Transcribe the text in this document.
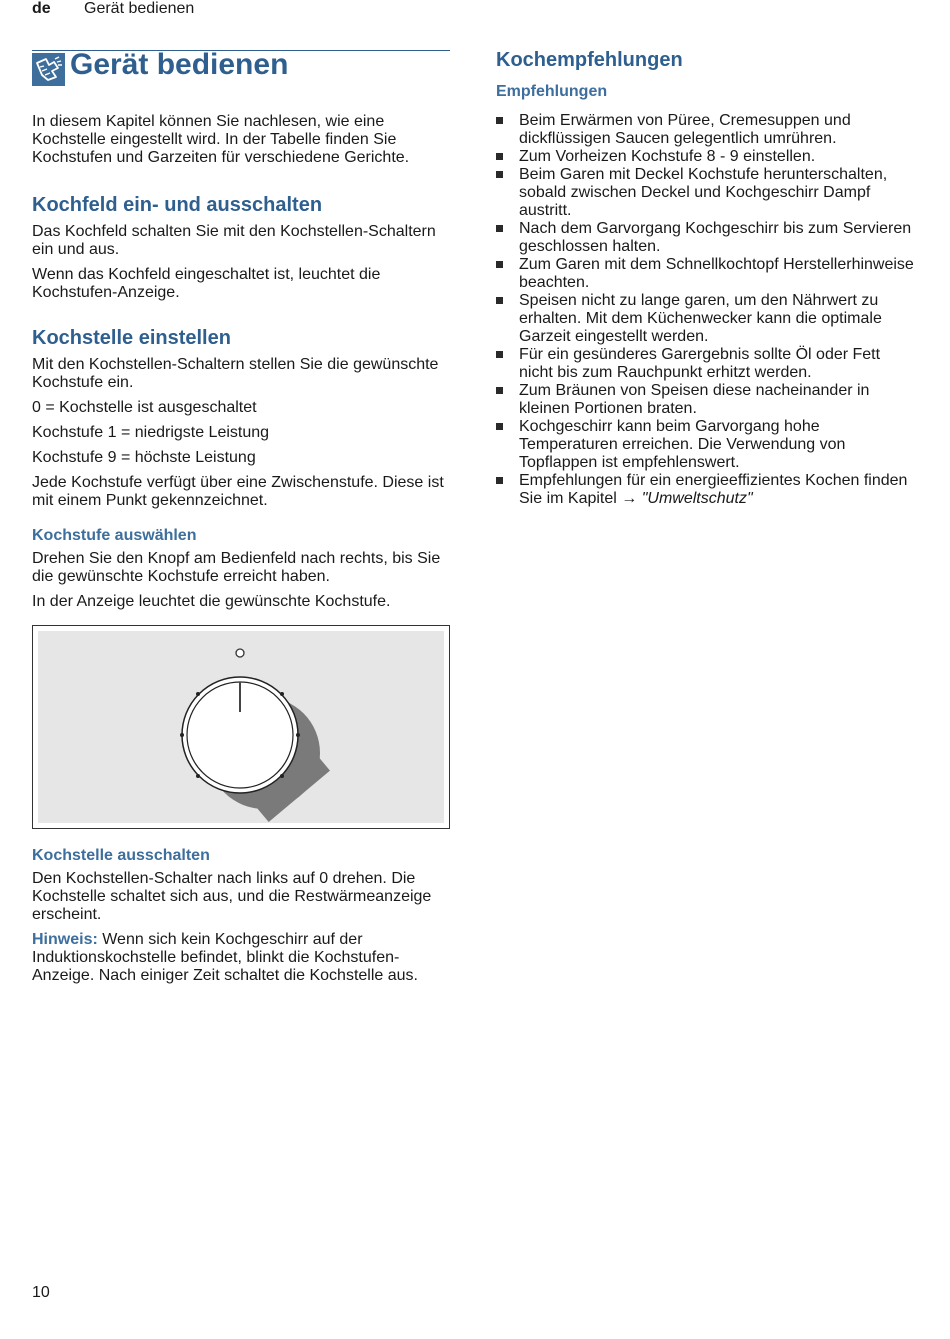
de Gerät bedienen
Gerät bedienen

In diesem Kapitel können Sie nachlesen, wie eine Kochstelle eingestellt wird. In der Tabelle finden Sie Kochstufen und Garzeiten für verschiedene Gerichte.

Kochfeld ein- und ausschalten

Das Kochfeld schalten Sie mit den Kochstellen-Schaltern ein und aus.

Wenn das Kochfeld eingeschaltet ist, leuchtet die Kochstufen-Anzeige.

Kochstelle einstellen

Mit den Kochstellen-Schaltern stellen Sie die gewünschte Kochstufe ein.

0 = Kochstelle ist ausgeschaltet

Kochstufe 1 = niedrigste Leistung

Kochstufe 9 = höchste Leistung

Jede Kochstufe verfügt über eine Zwischenstufe. Diese ist mit einem Punkt gekennzeichnet.

Kochstufe auswählen

Drehen Sie den Knopf am Bedienfeld nach rechts, bis Sie die gewünschte Kochstufe erreicht haben.

In der Anzeige leuchtet die gewünschte Kochstufe.

Kochstelle ausschalten

Den Kochstellen-Schalter nach links auf 0 drehen. Die Kochstelle schaltet sich aus, und die Restwärmeanzeige erscheint.

Hinweis: Wenn sich kein Kochgeschirr auf der Induktionskochstelle befindet, blinkt die Kochstufen-Anzeige. Nach einiger Zeit schaltet die Kochstelle aus.

Kochempfehlungen
Empfehlungen
Beim Erwärmen von Püree, Cremesuppen und dickflüssigen Saucen gelegentlich umrühren.
Zum Vorheizen Kochstufe 8 - 9 einstellen.
Beim Garen mit Deckel Kochstufe herunterschalten, sobald zwischen Deckel und Kochgeschirr Dampf austritt.
Nach dem Garvorgang Kochgeschirr bis zum Servieren geschlossen halten.
Zum Garen mit dem Schnellkochtopf Herstellerhinweise beachten.
Speisen nicht zu lange garen, um den Nährwert zu erhalten. Mit dem Küchenwecker kann die optimale Garzeit eingestellt werden.
Für ein gesünderes Garergebnis sollte Öl oder Fett nicht bis zum Rauchpunkt erhitzt werden.
Zum Bräunen von Speisen diese nacheinander in kleinen Portionen braten.
Kochgeschirr kann beim Garvorgang hohe Temperaturen erreichen. Die Verwendung von Topflappen ist empfehlenswert.
Empfehlungen für ein energieeffizientes Kochen finden Sie im Kapitel → "Umweltschutz"
10
